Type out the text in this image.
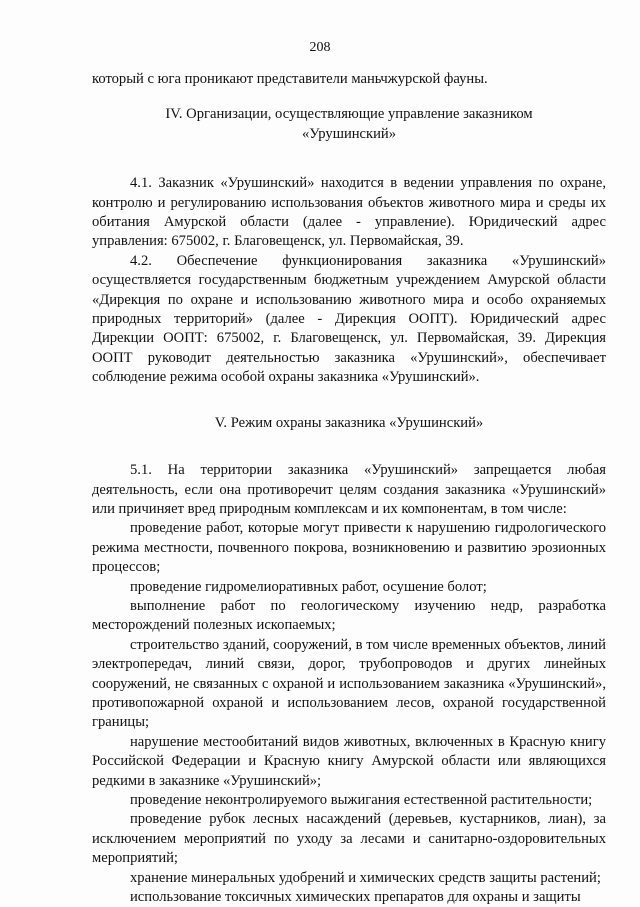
208

который с юга проникают представители маньчжурской фауны.

IV. Организации, осуществляющие управление заказником
«Урушинский»

4.1. Заказник «Урушинский» находится в ведении управления по охране, контролю и регулированию использования объектов животного мира и среды их обитания Амурской области (далее - управление). Юридический адрес управления: 675002, г. Благовещенск, ул. Первомайская, 39.

4.2. Обеспечение функционирования заказника «Урушинский» осуществляется государственным бюджетным учреждением Амурской области «Дирекция по охране и использованию животного мира и особо охраняемых природных территорий» (далее - Дирекция ООПТ). Юридический адрес Дирекции ООПТ: 675002, г. Благовещенск, ул. Первомайская, 39. Дирекция ООПТ руководит деятельностью заказника «Урушинский», обеспечивает соблюдение режима особой охраны заказника «Урушинский».

V. Режим охраны заказника «Урушинский»

5.1. На территории заказника «Урушинский» запрещается любая деятельность, если она противоречит целям создания заказника «Урушинский» или причиняет вред природным комплексам и их компонентам, в том числе:

проведение работ, которые могут привести к нарушению гидрологического режима местности, почвенного покрова, возникновению и развитию эрозионных процессов;

проведение гидромелиоративных работ, осушение болот;

выполнение работ по геологическому изучению недр, разработка месторождений полезных ископаемых;

строительство зданий, сооружений, в том числе временных объектов, линий электропередач, линий связи, дорог, трубопроводов и других линейных сооружений, не связанных с охраной и использованием заказника «Урушинский», противопожарной охраной и использованием лесов, охраной государственной границы;

нарушение местообитаний видов животных, включенных в Красную книгу Российской Федерации и Красную книгу Амурской области или являющихся редкими в заказнике «Урушинский»;

проведение неконтролируемого выжигания естественной растительности;

проведение рубок лесных насаждений (деревьев, кустарников, лиан), за исключением мероприятий по уходу за лесами и санитарно-оздоровительных мероприятий;

хранение минеральных удобрений и химических средств защиты растений;

использование токсичных химических препаратов для охраны и защиты
